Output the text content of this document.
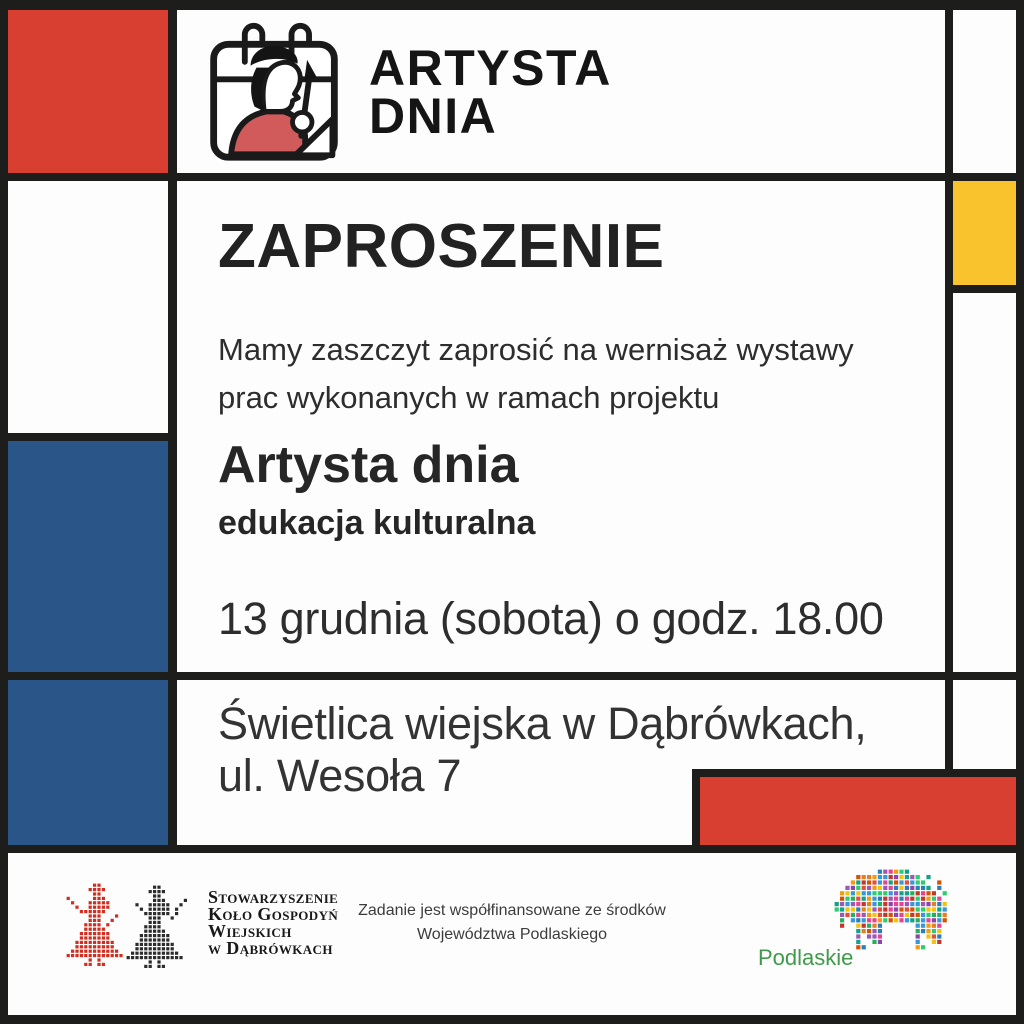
ARTYSTA
DNIA
ZAPROSZENIE
Mamy zaszczyt zaprosić na wernisaż wystawy
prac wykonanych w ramach projektu
Artysta dnia
edukacja kulturalna
13 grudnia (sobota) o godz. 18.00
Świetlica wiejska w Dąbrówkach,
ul. Wesoła 7
Stowarzyszenie
Koło Gospodyń
Wiejskich
w Dąbrówkach
Zadanie jest współfinansowane ze środków
Województwa Podlaskiego
Podlaskie
